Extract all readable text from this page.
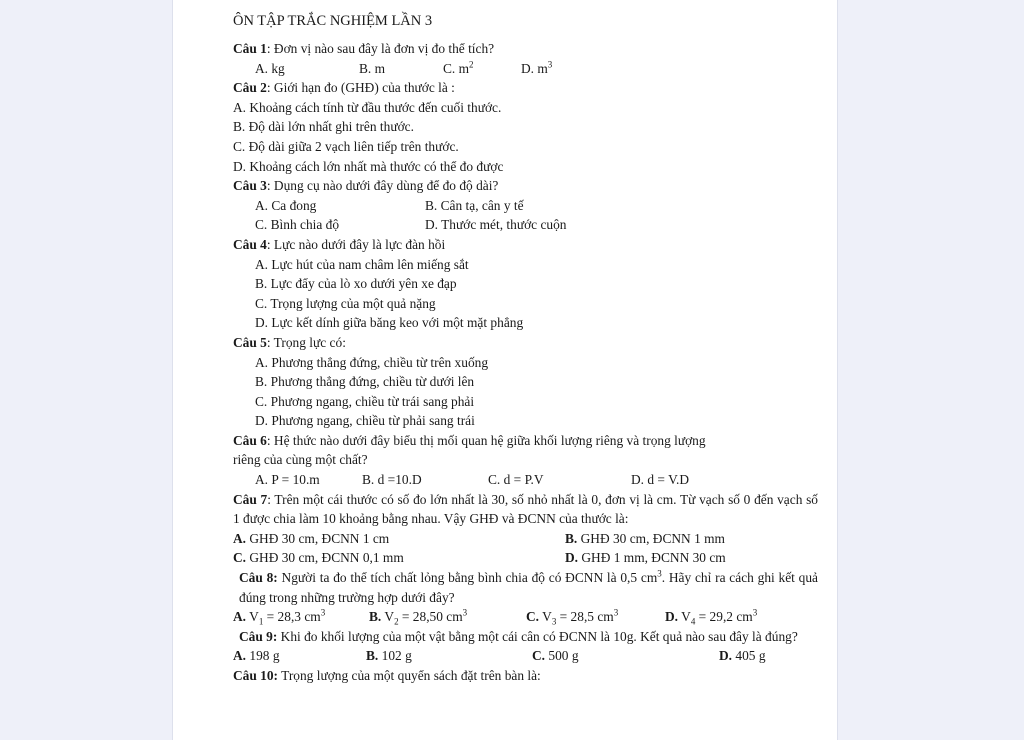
ÔN TẬP TRẮC NGHIỆM LẦN 3
Câu 1: Đơn vị nào sau đây là đơn vị đo thể tích?
A. kg	B. m	C. $m^2$	D. $m^3$
Câu 2: Giới hạn đo (GHĐ) của thước là :
A. Khoảng cách tính từ đầu thước đến cuối thước.
B. Độ dài lớn nhất ghi trên thước.
C. Độ dài giữa 2 vạch liên tiếp trên thước.
D. Khoảng cách lớn nhất mà thước có thể đo được
Câu 3: Dụng cụ nào dưới đây dùng để đo độ dài?
A. Ca đong	B. Cân tạ, cân y tế
C. Bình chia độ	D. Thước mét, thước cuộn
Câu 4: Lực nào dưới đây là lực đàn hồi
A. Lực hút của nam châm lên miếng sắt
B. Lực đẩy của lò xo dưới yên xe đạp
C. Trọng lượng của một quả nặng
D. Lực kết dính giữa băng keo với một mặt phẳng
Câu 5: Trọng lực có:
A. Phương thẳng đứng, chiều từ trên xuống
B. Phương thẳng đứng, chiều từ dưới lên
C. Phương ngang, chiều từ trái sang phải
D. Phương ngang, chiều từ phải sang trái
Câu 6: Hệ thức nào dưới đây biểu thị mối quan hệ giữa khối lượng riêng và trọng lượng
riêng của cùng một chất?
A. P = 10.m	B. d =10.D	C. d = P.V	D. d = V.D
Câu 7: Trên một cái thước có số đo lớn nhất là 30, số nhỏ nhất là 0, đơn vị là cm. Từ vạch số 0 đến vạch số 1 được chia làm 10 khoảng bằng nhau. Vậy GHĐ và ĐCNN của thước là:
A. GHĐ 30 cm, ĐCNN 1 cm	B. GHĐ 30 cm, ĐCNN 1 mm
C. GHĐ 30 cm, ĐCNN 0,1 mm	D. GHĐ 1 mm, ĐCNN 30 cm
Câu 8: Người ta đo thể tích chất lỏng bằng bình chia độ có ĐCNN là 0,5 $cm^3$. Hãy chỉ ra cách ghi kết quả đúng trong những trường hợp dưới đây?
A. $V_1 = 28,3$ $cm^3$	B. $V_2 = 28,50$ $cm^3$	C. $V_3 = 28,5$ $cm^3$	D. $V_4 = 29,2$ $cm^3$
Câu 9: Khi đo khối lượng của một vật bằng một cái cân có ĐCNN là 10g. Kết quả nào sau đây là đúng?
A. 198 g	B. 102 g	C. 500 g	D. 405 g
Câu 10: Trọng lượng của một quyển sách đặt trên bàn là:
